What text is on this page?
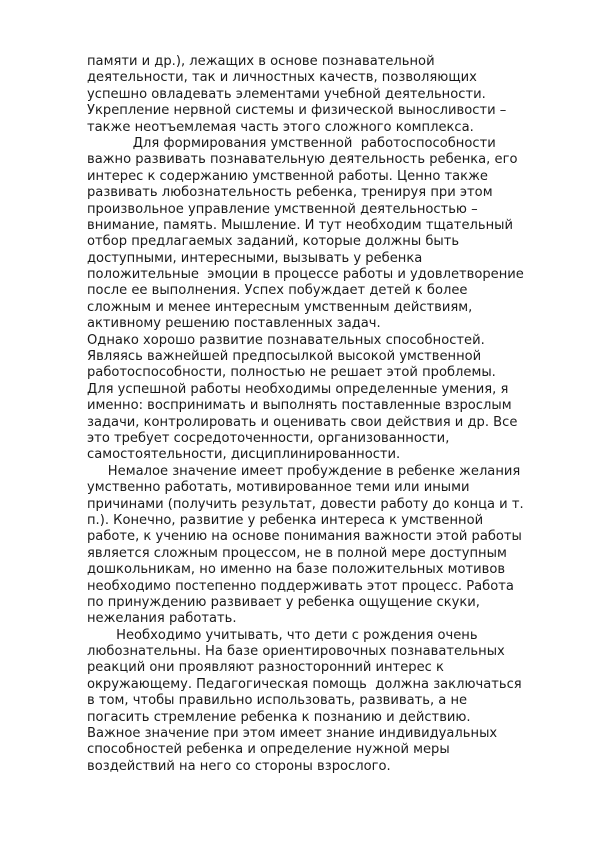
памяти и др.), лежащих в основе познавательной
деятельности, так и личностных качеств, позволяющих
успешно овладевать элементами учебной деятельности.
Укрепление нервной системы и физической выносливости –
также неотъемлемая часть этого сложного комплекса.
Для формирования умственной  работоспособности
важно развивать познавательную деятельность ребенка, его
интерес к содержанию умственной работы. Ценно также
развивать любознательность ребенка, тренируя при этом
произвольное управление умственной деятельностью –
внимание, память. Мышление. И тут необходим тщательный
отбор предлагаемых заданий, которые должны быть
доступными, интересными, вызывать у ребенка
положительные  эмоции в процессе работы и удовлетворение
после ее выполнения. Успех побуждает детей к более
сложным и менее интересным умственным действиям,
активному решению поставленных задач.
Однако хорошо развитие познавательных способностей.
Являясь важнейшей предпосылкой высокой умственной
работоспособности, полностью не решает этой проблемы.
Для успешной работы необходимы определенные умения, я
именно: воспринимать и выполнять поставленные взрослым
задачи, контролировать и оценивать свои действия и др. Все
это требует сосредоточенности, организованности,
самостоятельности, дисциплинированности.
Немалое значение имеет пробуждение в ребенке желания
умственно работать, мотивированное теми или иными
причинами (получить результат, довести работу до конца и т.
п.). Конечно, развитие у ребенка интереса к умственной
работе, к учению на основе понимания важности этой работы
является сложным процессом, не в полной мере доступным
дошкольникам, но именно на базе положительных мотивов
необходимо постепенно поддерживать этот процесс. Работа
по принуждению развивает у ребенка ощущение скуки,
нежелания работать.
Необходимо учитывать, что дети с рождения очень
любознательны. На базе ориентировочных познавательных
реакций они проявляют разносторонний интерес к
окружающему. Педагогическая помощь  должна заключаться
в том, чтобы правильно использовать, развивать, а не
погасить стремление ребенка к познанию и действию.
Важное значение при этом имеет знание индивидуальных
способностей ребенка и определение нужной меры
воздействий на него со стороны взрослого.
